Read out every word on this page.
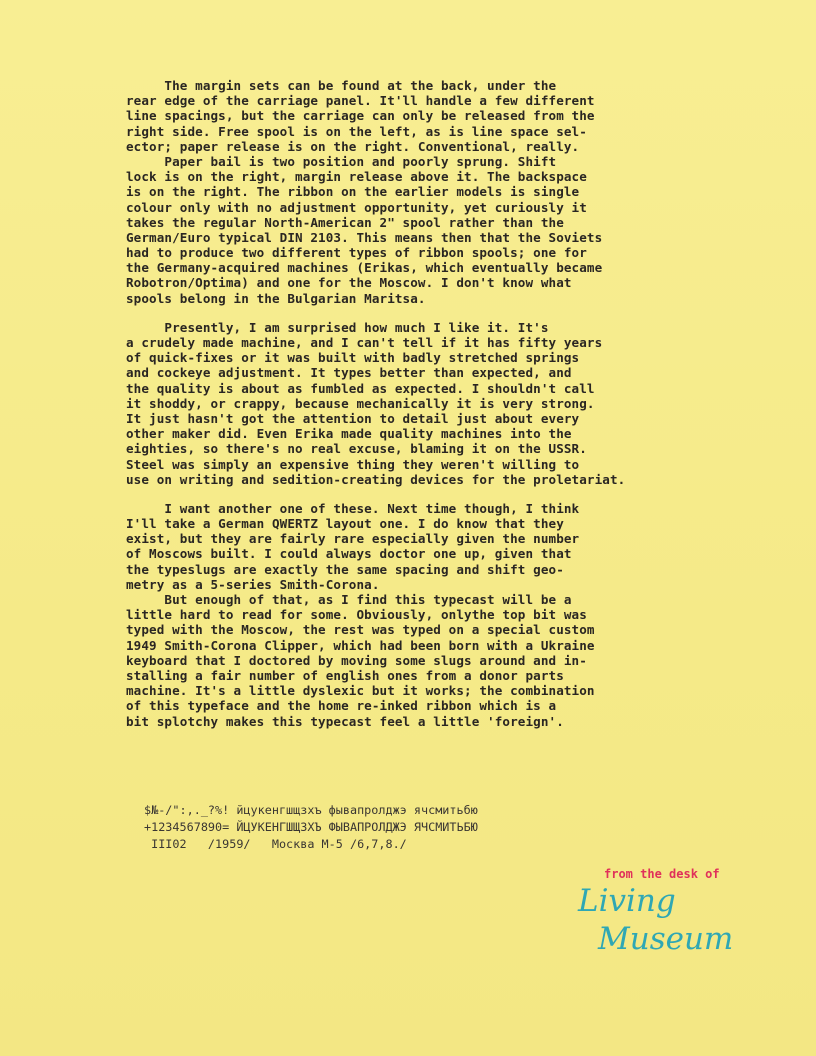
The margin sets can be found at the back, under the
rear edge of the carriage panel. It'll handle a few different
line spacings, but the carriage can only be released from the
right side. Free spool is on the left, as is line space sel-
ector; paper release is on the right. Conventional, really.
Paper bail is two position and poorly sprung. Shift
lock is on the right, margin release above it. The backspace
is on the right. The ribbon on the earlier models is single
colour only with no adjustment opportunity, yet curiously it
takes the regular North-American 2" spool rather than the
German/Euro typical DIN 2103. This means then that the Soviets
had to produce two different types of ribbon spools; one for
the Germany-acquired machines (Erikas, which eventually became
Robotron/Optima) and one for the Moscow. I don't know what
spools belong in the Bulgarian Maritsa.
Presently, I am surprised how much I like it. It's
a crudely made machine, and I can't tell if it has fifty years
of quick-fixes or it was built with badly stretched springs
and cockeye adjustment. It types better than expected, and
the quality is about as fumbled as expected. I shouldn't call
it shoddy, or crappy, because mechanically it is very strong.
It just hasn't got the attention to detail just about every
other maker did. Even Erika made quality machines into the
eighties, so there's no real excuse, blaming it on the USSR.
Steel was simply an expensive thing they weren't willing to
use on writing and sedition-creating devices for the proletariat.
I want another one of these. Next time though, I think
I'll take a German QWERTZ layout one. I do know that they
exist, but they are fairly rare especially given the number
of Moscows built. I could always doctor one up, given that
the typeslugs are exactly the same spacing and shift geo-
metry as a 5-series Smith-Corona.
But enough of that, as I find this typecast will be a
little hard to read for some. Obviously, onlythe top bit was
typed with the Moscow, the rest was typed on a special custom
1949 Smith-Corona Clipper, which had been born with a Ukraine
keyboard that I doctored by moving some slugs around and in-
stalling a fair number of english ones from a donor parts
machine. It's a little dyslexic but it works; the combination
of this typeface and the home re-inked ribbon which is a
bit splotchy makes this typecast feel a little 'foreign'.
$№-/":,._?%! йцукенгшщзхъ фывапролджэ ячсмитьбю
+1234567890= ЙЦУКЕНГШЩЗХЪ ФЫВАПРОЛДЖЭ ЯЧСМИТЬБЮ
III02   /1959/   Москва М-5 /6,7,8./
from the desk of
Living
Museum
